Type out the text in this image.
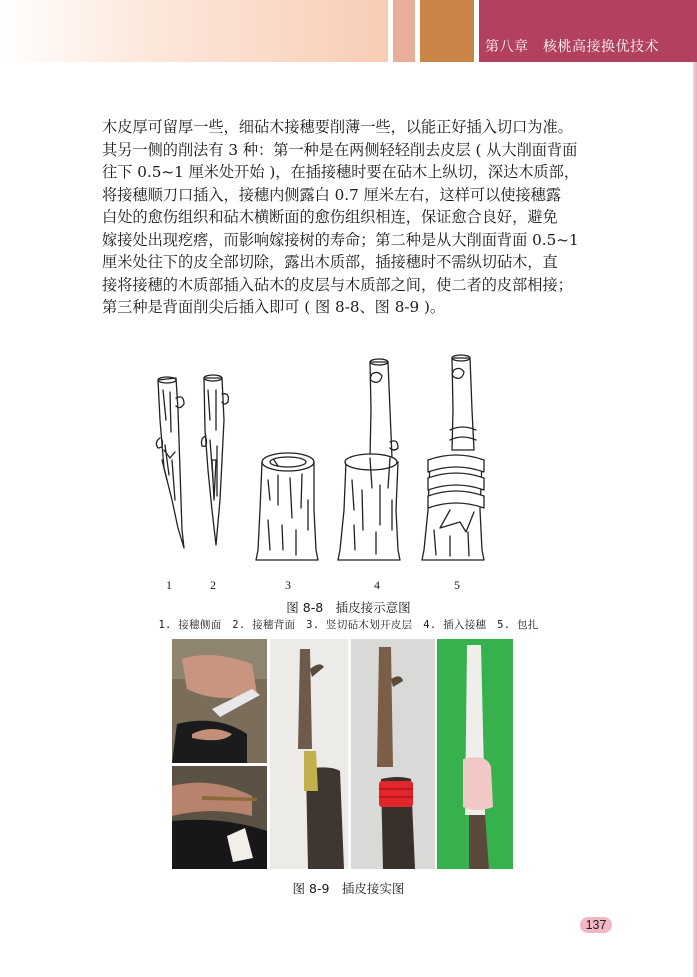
第八章　核桃高接换优技术

木皮厚可留厚一些，细砧木接穗要削薄一些，以能正好插入切口为准。

其另一侧的削法有 3 种：第一种是在两侧轻轻削去皮层 ( 从大削面背面

往下 0.5~1 厘米处开始 )，在插接穗时要在砧木上纵切，深达木质部，

将接穗顺刀口插入，接穗内侧露白 0.7 厘米左右，这样可以使接穗露

白处的愈伤组织和砧木横断面的愈伤组织相连，保证愈合良好，避免

嫁接处出现疙瘩，而影响嫁接树的寿命；第二种是从大削面背面 0.5~1

厘米处往下的皮全部切除，露出木质部，插接穗时不需纵切砧木，直

接将接穗的木质部插入砧木的皮层与木质部之间，使二者的皮部相接；

第三种是背面削尖后插入即可 ( 图 8-8、图 8-9 )。

1	2	3	4	5
图 8-8　插皮接示意图
1. 接穗侧面　2. 接穗背面　3. 竖切砧木划开皮层　4. 插入接穗　5. 包扎
图 8-9　插皮接实图
137
